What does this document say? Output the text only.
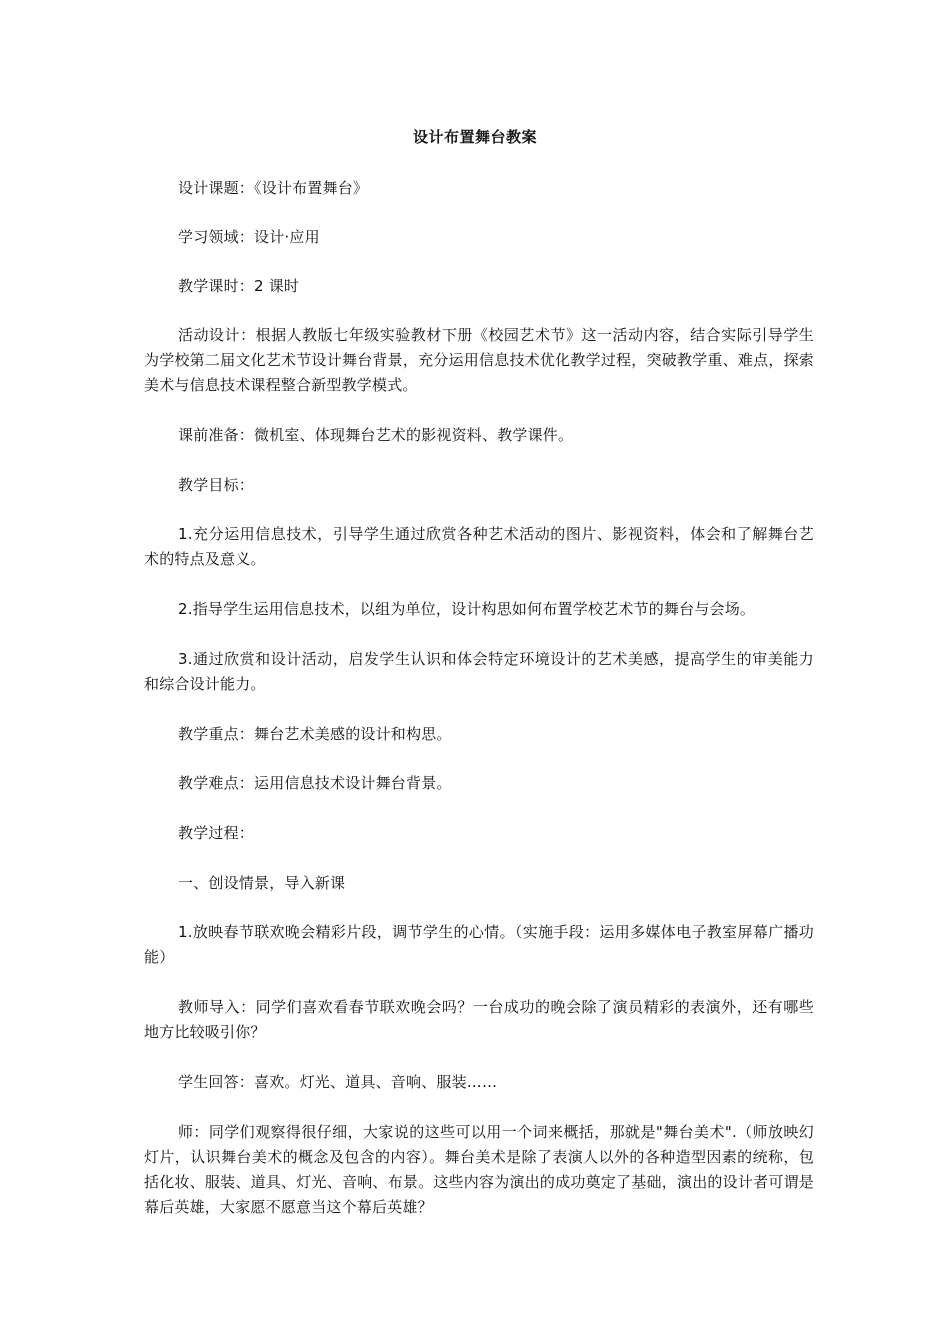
设计布置舞台教案

设计课题：《设计布置舞台》

学习领域：设计·应用

教学课时：2 课时

活动设计：根据人教版七年级实验教材下册《校园艺术节》这一活动内容，结合实际引导学生为学校第二届文化艺术节设计舞台背景，充分运用信息技术优化教学过程，突破教学重、难点，探索美术与信息技术课程整合新型教学模式。

课前准备：微机室、体现舞台艺术的影视资料、教学课件。

教学目标：

1.充分运用信息技术，引导学生通过欣赏各种艺术活动的图片、影视资料，体会和了解舞台艺术的特点及意义。

2.指导学生运用信息技术，以组为单位，设计构思如何布置学校艺术节的舞台与会场。

3.通过欣赏和设计活动，启发学生认识和体会特定环境设计的艺术美感，提高学生的审美能力和综合设计能力。

教学重点：舞台艺术美感的设计和构思。

教学难点：运用信息技术设计舞台背景。

教学过程：

一、创设情景，导入新课

1.放映春节联欢晚会精彩片段，调节学生的心情。（实施手段：运用多媒体电子教室屏幕广播功能）

教师导入：同学们喜欢看春节联欢晚会吗？一台成功的晚会除了演员精彩的表演外，还有哪些地方比较吸引你？

学生回答：喜欢。灯光、道具、音响、服装……

师：同学们观察得很仔细，大家说的这些可以用一个词来概括，那就是"舞台美术".（师放映幻灯片，认识舞台美术的概念及包含的内容）。舞台美术是除了表演人以外的各种造型因素的统称，包括化妆、服装、道具、灯光、音响、布景。这些内容为演出的成功奠定了基础，演出的设计者可谓是幕后英雄，大家愿不愿意当这个幕后英雄？
